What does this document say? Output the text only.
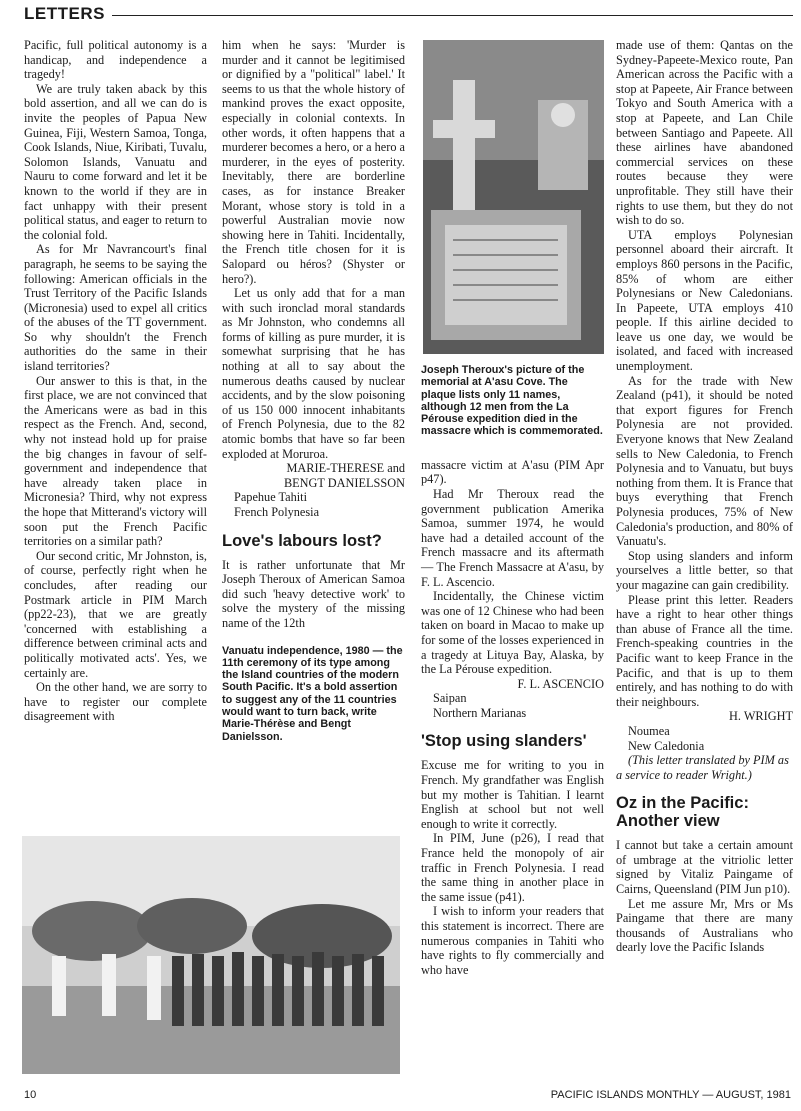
LETTERS

Pacific, full political autonomy is a handicap, and independence a tragedy!

We are truly taken aback by this bold assertion, and all we can do is invite the peoples of Papua New Guinea, Fiji, Western Samoa, Tonga, Cook Islands, Niue, Kiribati, Tuvalu, Solomon Islands, Vanuatu and Nauru to come forward and let it be known to the world if they are in fact unhappy with their present political status, and eager to return to the colonial fold.

As for Mr Navrancourt's final paragraph, he seems to be saying the following: American officials in the Trust Territory of the Pacific Islands (Micronesia) used to expel all critics of the abuses of the TT government. So why shouldn't the French authorities do the same in their island territories?

Our answer to this is that, in the first place, we are not convinced that the Americans were as bad in this respect as the French. And, second, why not instead hold up for praise the big changes in favour of self-government and independence that have already taken place in Micronesia? Third, why not express the hope that Mitterand's victory will soon put the French Pacific territories on a similar path?

Our second critic, Mr Johnston, is, of course, perfectly right when he concludes, after reading our Postmark article in PIM March (pp22-23), that we are greatly 'concerned with establishing a difference between criminal acts and politically motivated acts'. Yes, we certainly are.

On the other hand, we are sorry to have to register our complete disagreement with

him when he says: 'Murder is murder and it cannot be legitimised or dignified by a "political" label.' It seems to us that the whole history of mankind proves the exact opposite, especially in colonial contexts. In other words, it often happens that a murderer becomes a hero, or a hero a murderer, in the eyes of posterity. Inevitably, there are borderline cases, as for instance Breaker Morant, whose story is told in a powerful Australian movie now showing here in Tahiti. Incidentally, the French title chosen for it is Salopard ou héros? (Shyster or hero?).

Let us only add that for a man with such ironclad moral standards as Mr Johnston, who condemns all forms of killing as pure murder, it is somewhat surprising that he has nothing at all to say about the numerous deaths caused by nuclear accidents, and by the slow poisoning of us 150 000 innocent inhabitants of French Polynesia, due to the 82 atomic bombs that have so far been exploded at Moruroa.

MARIE-THERESE and

BENGT DANIELSSON

Papehue Tahiti

French Polynesia

Love's labours lost?

It is rather unfortunate that Mr Joseph Theroux of American Samoa did such 'heavy detective work' to solve the mystery of the missing name of the 12th

Vanuatu independence, 1980 — the 11th ceremony of its type among the Island countries of the modern South Pacific. It's a bold assertion to suggest any of the 11 countries would want to turn back, write Marie-Thérèse and Bengt Danielsson.
Joseph Theroux's picture of the memorial at A'asu Cove. The plaque lists only 11 names, although 12 men from the La Pérouse expedition died in the massacre which is commemorated.

massacre victim at A'asu (PIM Apr p47).

Had Mr Theroux read the government publication Amerika Samoa, summer 1974, he would have had a detailed account of the French massacre and its aftermath — The French Massacre at A'asu, by F. L. Ascencio.

Incidentally, the Chinese victim was one of 12 Chinese who had been taken on board in Macao to make up for some of the losses experienced in a tragedy at Lituya Bay, Alaska, by the La Pérouse expedition.

F. L. ASCENCIO

Saipan

Northern Marianas

'Stop using slanders'

Excuse me for writing to you in French. My grandfather was English but my mother is Tahitian. I learnt English at school but not well enough to write it correctly.

In PIM, June (p26), I read that France held the monopoly of air traffic in French Polynesia. I read the same thing in another place in the same issue (p41).

I wish to inform your readers that this statement is incorrect. There are numerous companies in Tahiti who have rights to fly commercially and who have

made use of them: Qantas on the Sydney-Papeete-Mexico route, Pan American across the Pacific with a stop at Papeete, Air France between Tokyo and South America with a stop at Papeete, and Lan Chile between Santiago and Papeete. All these airlines have abandoned commercial services on these routes because they were unprofitable. They still have their rights to use them, but they do not wish to do so.

UTA employs Polynesian personnel aboard their aircraft. It employs 860 persons in the Pacific, 85% of whom are either Polynesians or New Caledonians. In Papeete, UTA employs 410 people. If this airline decided to leave us one day, we would be isolated, and faced with increased unemployment.

As for the trade with New Zealand (p41), it should be noted that export figures for French Polynesia are not provided. Everyone knows that New Zealand sells to New Caledonia, to French Polynesia and to Vanuatu, but buys nothing from them. It is France that buys everything that French Polynesia produces, 75% of New Caledonia's production, and 80% of Vanuatu's.

Stop using slanders and inform yourselves a little better, so that your magazine can gain credibility.

Please print this letter. Readers have a right to hear other things than abuse of France all the time. French-speaking countries in the Pacific want to keep France in the Pacific, and that is up to them entirely, and has nothing to do with their neighbours.

H. WRIGHT

Noumea

New Caledonia

(This letter translated by PIM as a service to reader Wright.)

Oz in the Pacific: Another view

I cannot but take a certain amount of umbrage at the vitriolic letter signed by Vitaliz Paingame of Cairns, Queensland (PIM Jun p10).

Let me assure Mr, Mrs or Ms Paingame that there are many thousands of Australians who dearly love the Pacific Islands

10	PACIFIC ISLANDS MONTHLY — AUGUST, 1981
